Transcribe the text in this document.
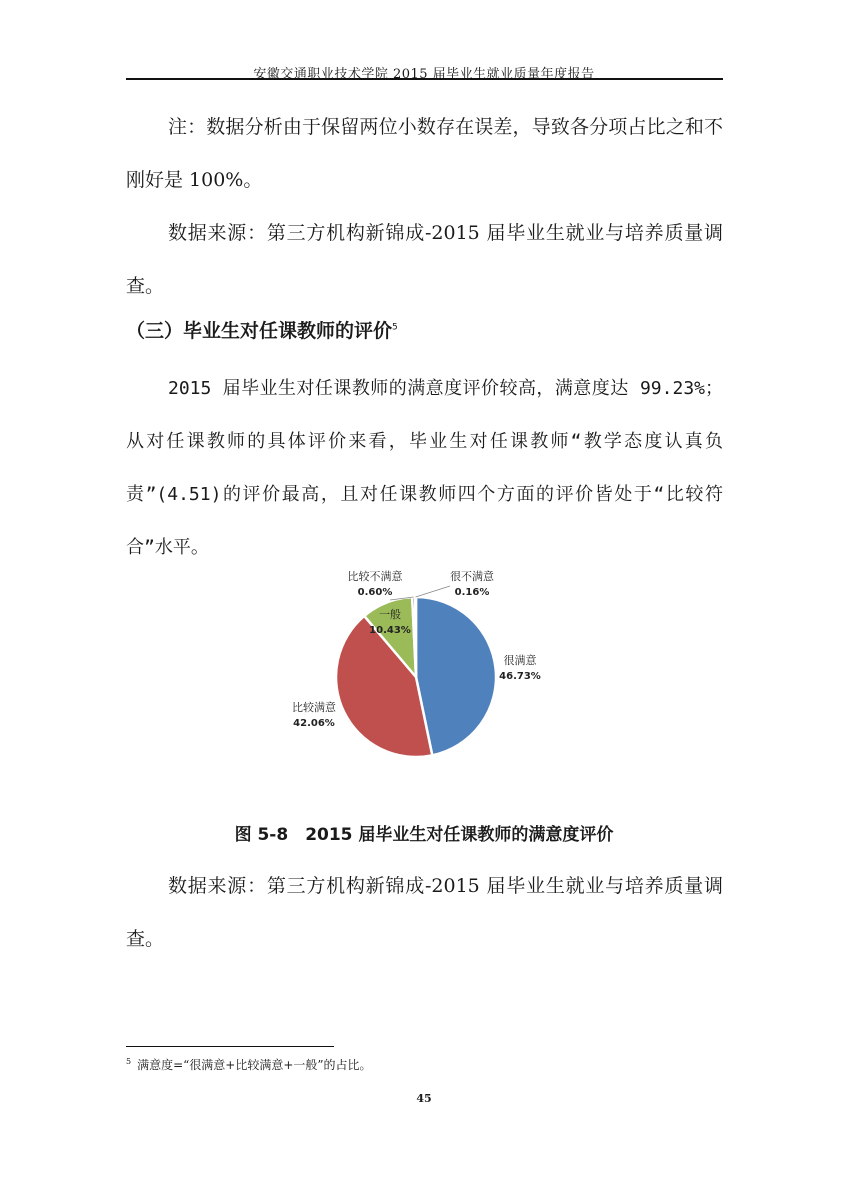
安徽交通职业技术学院 2015 届毕业生就业质量年度报告
注：数据分析由于保留两位小数存在误差，导致各分项占比之和不刚好是 100%。
数据来源：第三方机构新锦成-2015 届毕业生就业与培养质量调查。
（三）毕业生对任课教师的评价$^5$
2015 届毕业生对任课教师的满意度评价较高，满意度达 99.23%；从对任课教师的具体评价来看，毕业生对任课教师“教学态度认真负责”(4.51)的评价最高，且对任课教师四个方面的评价皆处于“比较符合”水平。
很满意
46.73%
比较满意
42.06%
一般
10.43%
比较不满意
0.60%
很不满意
0.16%
图 5-8　2015 届毕业生对任课教师的满意度评价
数据来源：第三方机构新锦成-2015 届毕业生就业与培养质量调查。
$^5$ 满意度=“很满意+比较满意+一般”的占比。
45
